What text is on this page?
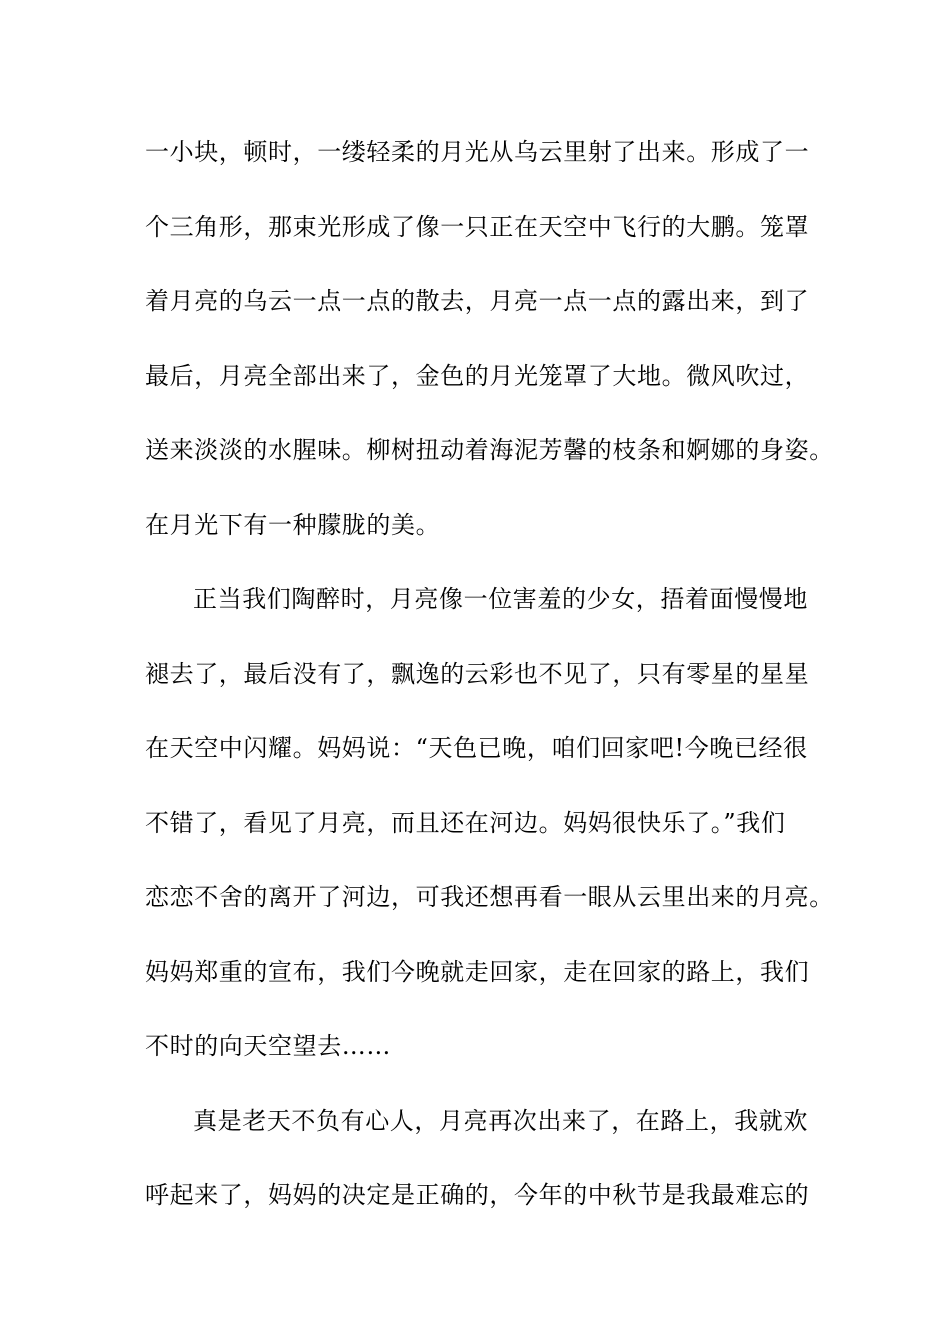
一小块，顿时，一缕轻柔的月光从乌云里射了出来。形成了一
个三角形，那束光形成了像一只正在天空中飞行的大鹏。笼罩
着月亮的乌云一点一点的散去，月亮一点一点的露出来，到了
最后，月亮全部出来了，金色的月光笼罩了大地。微风吹过，
送来淡淡的水腥味。柳树扭动着海泥芳馨的枝条和婀娜的身姿。
在月光下有一种朦胧的美。
正当我们陶醉时，月亮像一位害羞的少女，捂着面慢慢地
褪去了，最后没有了，飘逸的云彩也不见了，只有零星的星星
在天空中闪耀。妈妈说：“天色已晚，咱们回家吧!今晚已经很
不错了，看见了月亮，而且还在河边。妈妈很快乐了。”我们
恋恋不舍的离开了河边，可我还想再看一眼从云里出来的月亮。
妈妈郑重的宣布，我们今晚就走回家，走在回家的路上，我们
不时的向天空望去……
真是老天不负有心人，月亮再次出来了，在路上，我就欢
呼起来了，妈妈的决定是正确的，今年的中秋节是我最难忘的
